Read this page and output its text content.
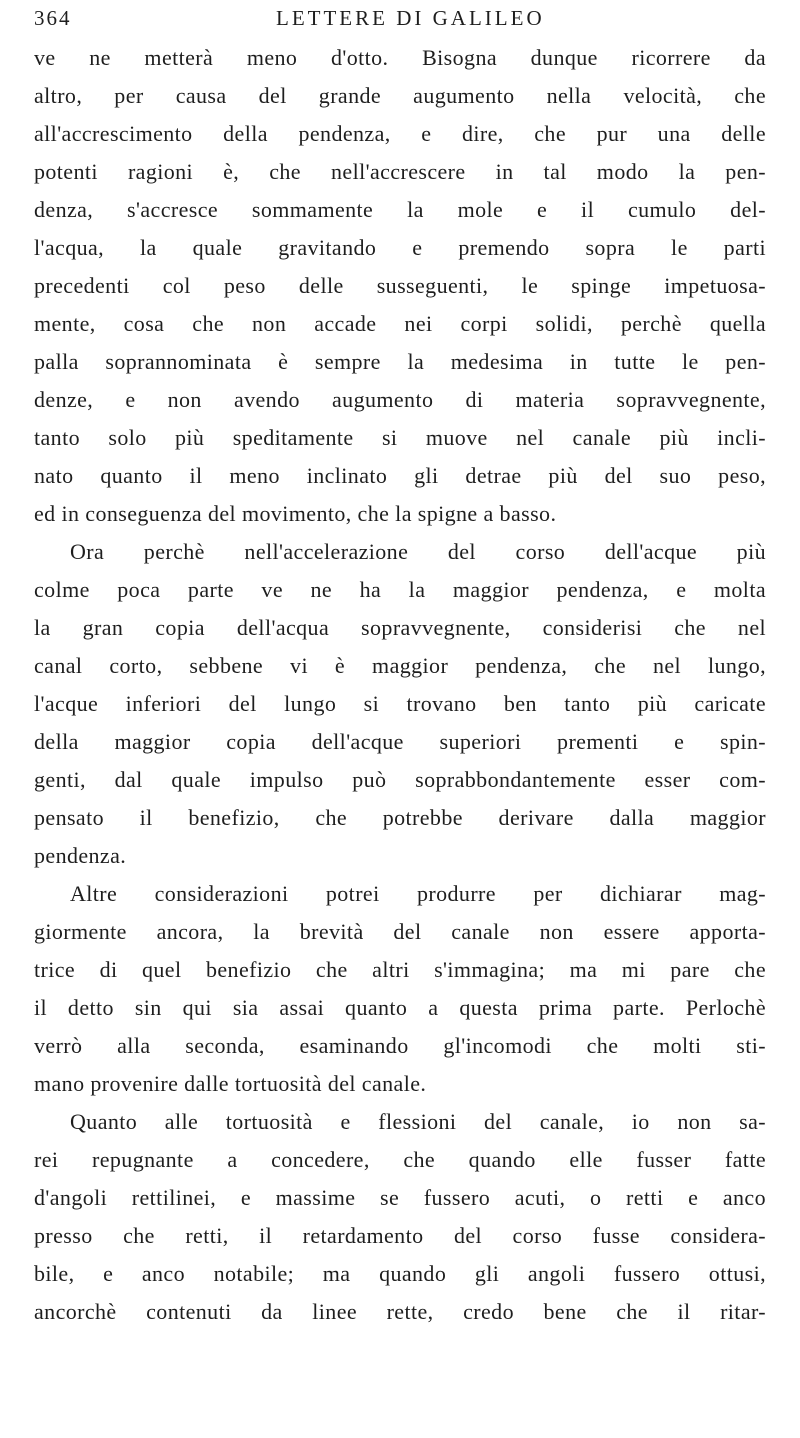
364	LETTERE DI GALILEO
ve ne metterà meno d'otto. Bisogna dunque ricorrere da
altro, per causa del grande augumento nella velocità, che
all'accrescimento della pendenza, e dire, che pur una delle
potenti ragioni è, che nell'accrescere in tal modo la pen-
denza, s'accresce sommamente la mole e il cumulo del-
l'acqua, la quale gravitando e premendo sopra le parti
precedenti col peso delle susseguenti, le spinge impetuosa-
mente, cosa che non accade nei corpi solidi, perchè quella
palla soprannominata è sempre la medesima in tutte le pen-
denze, e non avendo augumento di materia sopravvegnente,
tanto solo più speditamente si muove nel canale più incli-
nato quanto il meno inclinato gli detrae più del suo peso,
ed in conseguenza del movimento, che la spigne a basso.
Ora perchè nell'accelerazione del corso dell'acque più
colme poca parte ve ne ha la maggior pendenza, e molta
la gran copia dell'acqua sopravvegnente, considerisi che nel
canal corto, sebbene vi è maggior pendenza, che nel lungo,
l'acque inferiori del lungo si trovano ben tanto più caricate
della maggior copia dell'acque superiori prementi e spin-
genti, dal quale impulso può soprabbondantemente esser com-
pensato il benefizio, che potrebbe derivare dalla maggior
pendenza.
Altre considerazioni potrei produrre per dichiarar mag-
giormente ancora, la brevità del canale non essere apporta-
trice di quel benefizio che altri s'immagina; ma mi pare che
il detto sin qui sia assai quanto a questa prima parte. Perlochè
verrò alla seconda, esaminando gl'incomodi che molti sti-
mano provenire dalle tortuosità del canale.
Quanto alle tortuosità e flessioni del canale, io non sa-
rei repugnante a concedere, che quando elle fusser fatte
d'angoli rettilinei, e massime se fussero acuti, o retti e anco
presso che retti, il retardamento del corso fusse considera-
bile, e anco notabile; ma quando gli angoli fussero ottusi,
ancorchè contenuti da linee rette, credo bene che il ritar-
